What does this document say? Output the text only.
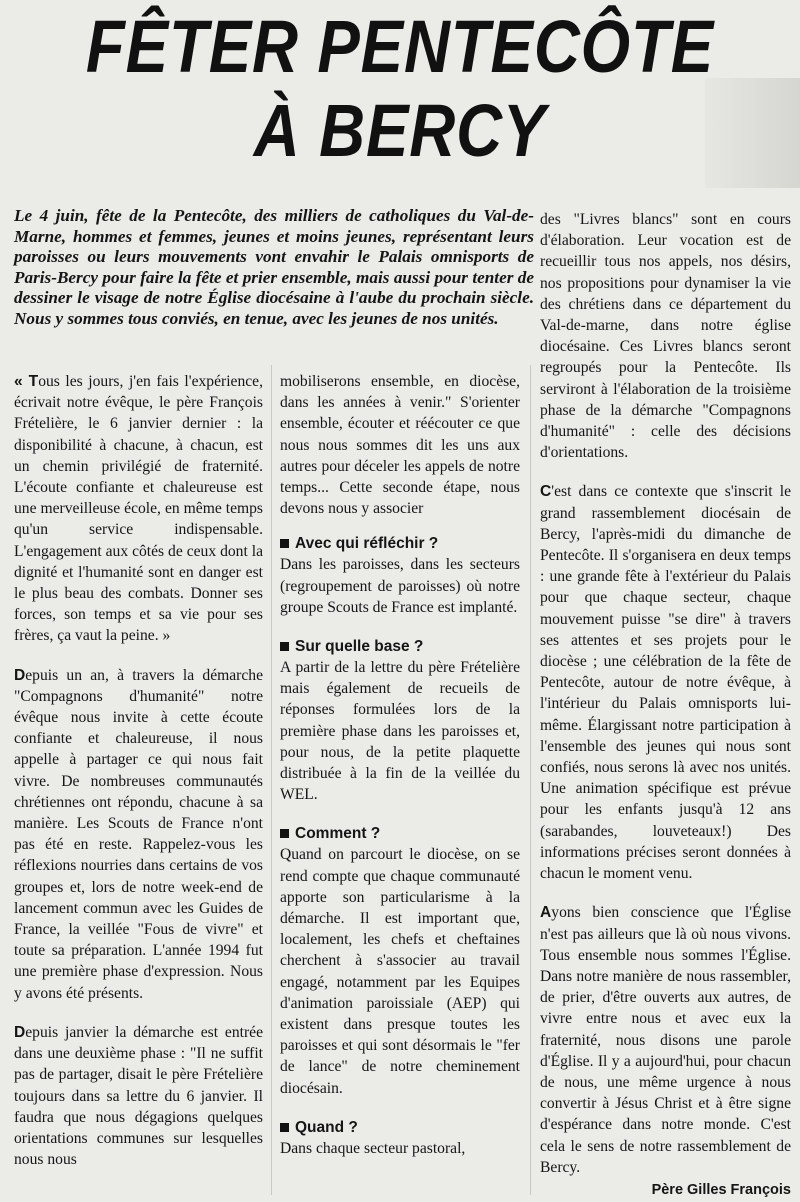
FÊTER PENTECÔTE
À BERCY

Le 4 juin, fête de la Pentecôte, des milliers de catholiques du Val-de-Marne, hommes et femmes, jeunes et moins jeunes, représentant leurs paroisses ou leurs mouvements vont envahir le Palais omnisports de Paris-Bercy pour faire la fête et prier ensemble, mais aussi pour tenter de dessiner le visage de notre Église diocésaine à l'aube du prochain siècle. Nous y sommes tous conviés, en tenue, avec les jeunes de nos unités.

« Tous les jours, j'en fais l'expérience, écrivait notre évêque, le père François Frételière, le 6 janvier dernier : la disponibilité à chacune, à chacun, est un chemin privilégié de fraternité. L'écoute confiante et chaleureuse est une merveilleuse école, en même temps qu'un service indispensable. L'engagement aux côtés de ceux dont la dignité et l'humanité sont en danger est le plus beau des combats. Donner ses forces, son temps et sa vie pour ses frères, ça vaut la peine. »

Depuis un an, à travers la démarche "Compagnons d'humanité" notre évêque nous invite à cette écoute confiante et chaleureuse, il nous appelle à partager ce qui nous fait vivre. De nombreuses communautés chrétiennes ont répondu, chacune à sa manière. Les Scouts de France n'ont pas été en reste. Rappelez-vous les réflexions nourries dans certains de vos groupes et, lors de notre week-end de lancement commun avec les Guides de France, la veillée "Fous de vivre" et toute sa préparation. L'année 1994 fut une première phase d'expression. Nous y avons été présents.

Depuis janvier la démarche est entrée dans une deuxième phase : "Il ne suffit pas de partager, disait le père Frételière toujours dans sa lettre du 6 janvier. Il faudra que nous dégagions quelques orientations communes sur lesquelles nous nous

mobiliserons ensemble, en diocèse, dans les années à venir." S'orienter ensemble, écouter et réécouter ce que nous nous sommes dit les uns aux autres pour déceler les appels de notre temps... Cette seconde étape, nous devons nous y associer

Avec qui réfléchir ?

Dans les paroisses, dans les secteurs (regroupement de paroisses) où notre groupe Scouts de France est implanté.

Sur quelle base ?

A partir de la lettre du père Frételière mais également de recueils de réponses formulées lors de la première phase dans les paroisses et, pour nous, de la petite plaquette distribuée à la fin de la veillée du WEL.

Comment ?

Quand on parcourt le diocèse, on se rend compte que chaque communauté apporte son particularisme à la démarche. Il est important que, localement, les chefs et cheftaines cherchent à s'associer au travail engagé, notamment par les Equipes d'animation paroissiale (AEP) qui existent dans presque toutes les paroisses et qui sont désormais le "fer de lance" de notre cheminement diocésain.

Quand ?

Dans chaque secteur pastoral,

des "Livres blancs" sont en cours d'élaboration. Leur vocation est de recueillir tous nos appels, nos désirs, nos propositions pour dynamiser la vie des chrétiens dans ce département du Val-de-marne, dans notre église diocésaine. Ces Livres blancs seront regroupés pour la Pentecôte. Ils serviront à l'élaboration de la troisième phase de la démarche "Compagnons d'humanité" : celle des décisions d'orientations.

C'est dans ce contexte que s'inscrit le grand rassemblement diocésain de Bercy, l'après-midi du dimanche de Pentecôte. Il s'organisera en deux temps : une grande fête à l'extérieur du Palais pour que chaque secteur, chaque mouvement puisse "se dire" à travers ses attentes et ses projets pour le diocèse ; une célébration de la fête de Pentecôte, autour de notre évêque, à l'intérieur du Palais omnisports lui-même. Élargissant notre participation à l'ensemble des jeunes qui nous sont confiés, nous serons là avec nos unités. Une animation spécifique est prévue pour les enfants jusqu'à 12 ans (sarabandes, louveteaux!) Des informations précises seront données à chacun le moment venu.

Ayons bien conscience que l'Église n'est pas ailleurs que là où nous vivons. Tous ensemble nous sommes l'Église. Dans notre manière de nous rassembler, de prier, d'être ouverts aux autres, de vivre entre nous et avec eux la fraternité, nous disons une parole d'Église. Il y a aujourd'hui, pour chacun de nous, une même urgence à nous convertir à Jésus Christ et à être signe d'espérance dans notre monde. C'est cela le sens de notre rassemblement de Bercy.

Père Gilles François
